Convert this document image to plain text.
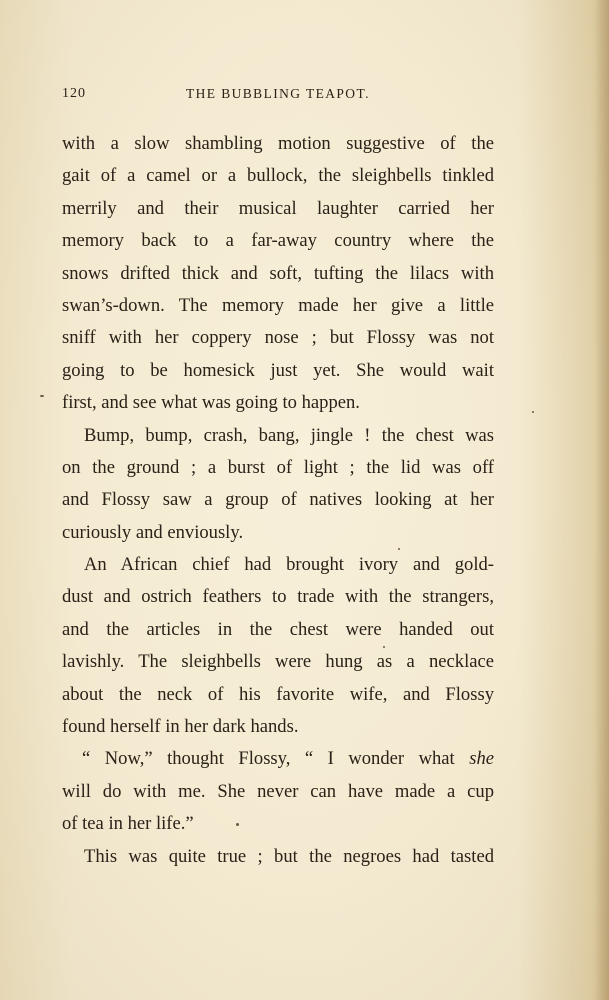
120	THE BUBBLING TEAPOT.
with a slow shambling motion suggestive of the
gait of a camel or a bullock, the sleighbells tinkled
merrily and their musical laughter carried her
memory back to a far-away country where the
snows drifted thick and soft, tufting the lilacs with
swan’s-down. The memory made her give a little
sniff with her coppery nose ; but Flossy was not
going to be homesick just yet. She would wait
first, and see what was going to happen.
Bump, bump, crash, bang, jingle ! the chest was
on the ground ; a burst of light ; the lid was off
and Flossy saw a group of natives looking at her
curiously and enviously.
An African chief had brought ivory and gold-
dust and ostrich feathers to trade with the strangers,
and the articles in the chest were handed out
lavishly. The sleighbells were hung as a necklace
about the neck of his favorite wife, and Flossy
found herself in her dark hands.
“ Now,” thought Flossy, “ I wonder what she
will do with me. She never can have made a cup
of tea in her life.”
This was quite true ; but the negroes had tasted
